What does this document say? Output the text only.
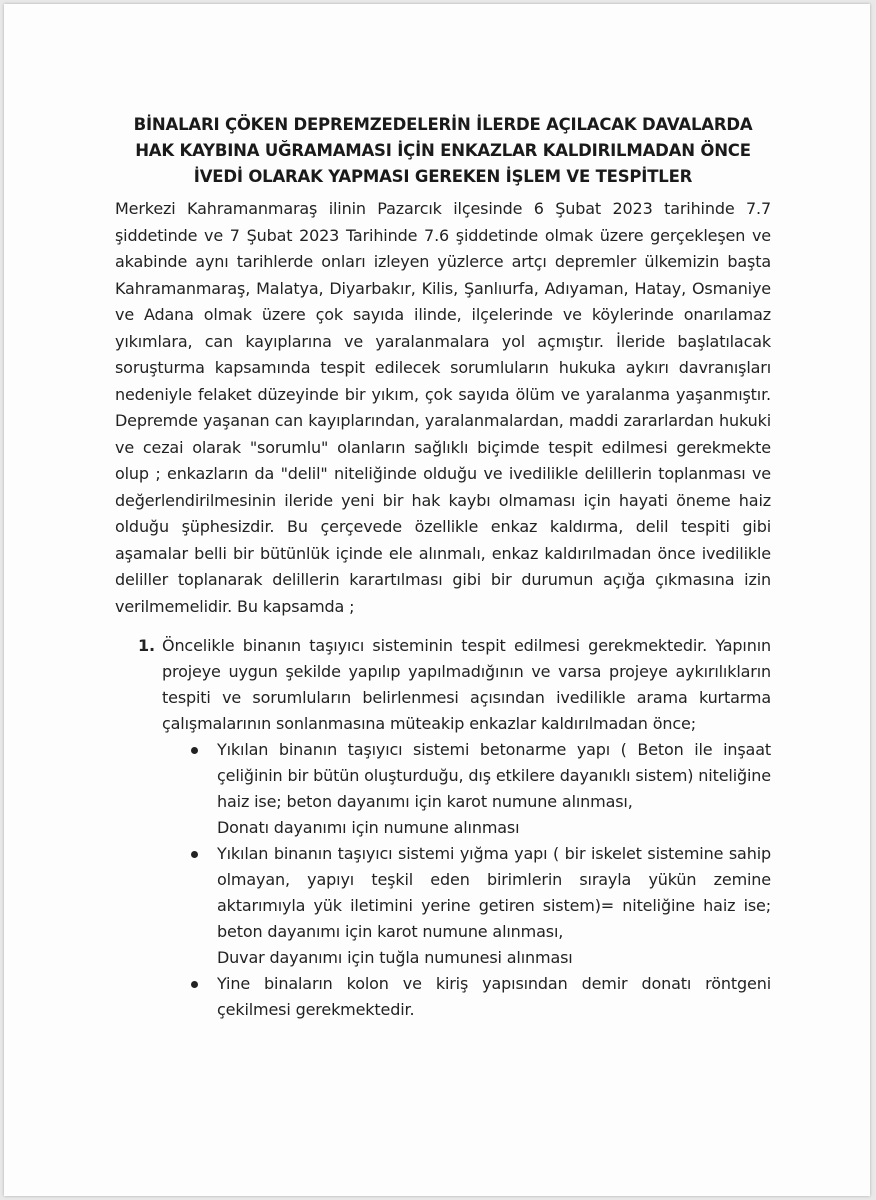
BİNALARI ÇÖKEN DEPREMZEDELERİN İLERDE AÇILACAK DAVALARDA
HAK KAYBINA UĞRAMAMASI İÇİN ENKAZLAR KALDIRILMADAN ÖNCE
İVEDİ OLARAK YAPMASI GEREKEN İŞLEM VE TESPİTLER

Merkezi Kahramanmaraş ilinin Pazarcık ilçesinde 6 Şubat 2023 tarihinde 7.7 şiddetinde ve 7 Şubat 2023 Tarihinde 7.6 şiddetinde olmak üzere gerçekleşen ve akabinde aynı tarihlerde onları izleyen yüzlerce artçı depremler ülkemizin başta Kahramanmaraş, Malatya, Diyarbakır, Kilis, Şanlıurfa, Adıyaman, Hatay, Osmaniye ve Adana olmak üzere çok sayıda ilinde, ilçelerinde ve köylerinde onarılamaz yıkımlara, can kayıplarına ve yaralanmalara yol açmıştır. İleride başlatılacak soruşturma kapsamında tespit edilecek sorumluların hukuka aykırı davranışları nedeniyle felaket düzeyinde bir yıkım, çok sayıda ölüm ve yaralanma yaşanmıştır. Depremde yaşanan can kayıplarından, yaralanmalardan, maddi zararlardan hukuki ve cezai olarak "sorumlu" olanların sağlıklı biçimde tespit edilmesi gerekmekte olup ; enkazların da "delil" niteliğinde olduğu ve ivedilikle delillerin toplanması ve değerlendirilmesinin ileride yeni bir hak kaybı olmaması için hayati öneme haiz olduğu şüphesizdir. Bu çerçevede özellikle enkaz kaldırma, delil tespiti gibi aşamalar belli bir bütünlük içinde ele alınmalı, enkaz kaldırılmadan önce ivedilikle deliller toplanarak delillerin karartılması gibi bir durumun açığa çıkmasına izin verilmemelidir. Bu kapsamda ;

1. Öncelikle binanın taşıyıcı sisteminin tespit edilmesi gerekmektedir. Yapının projeye uygun şekilde yapılıp yapılmadığının ve varsa projeye aykırılıkların tespiti ve sorumluların belirlenmesi açısından ivedilikle arama kurtarma çalışmalarının sonlanmasına müteakip enkazlar kaldırılmadan önce;

Yıkılan binanın taşıyıcı sistemi betonarme yapı ( Beton ile inşaat çeliğinin bir bütün oluşturduğu, dış etkilere dayanıklı sistem) niteliğine haiz ise; beton dayanımı için karot numune alınması,
Donatı dayanımı için numune alınması
Yıkılan binanın taşıyıcı sistemi yığma yapı ( bir iskelet sistemine sahip olmayan, yapıyı teşkil eden birimlerin sırayla yükün zemine aktarımıyla yük iletimini yerine getiren sistem)= niteliğine haiz ise; beton dayanımı için karot numune alınması,
Duvar dayanımı için tuğla numunesi alınması
Yine binaların kolon ve kiriş yapısından demir donatı röntgeni çekilmesi gerekmektedir.
